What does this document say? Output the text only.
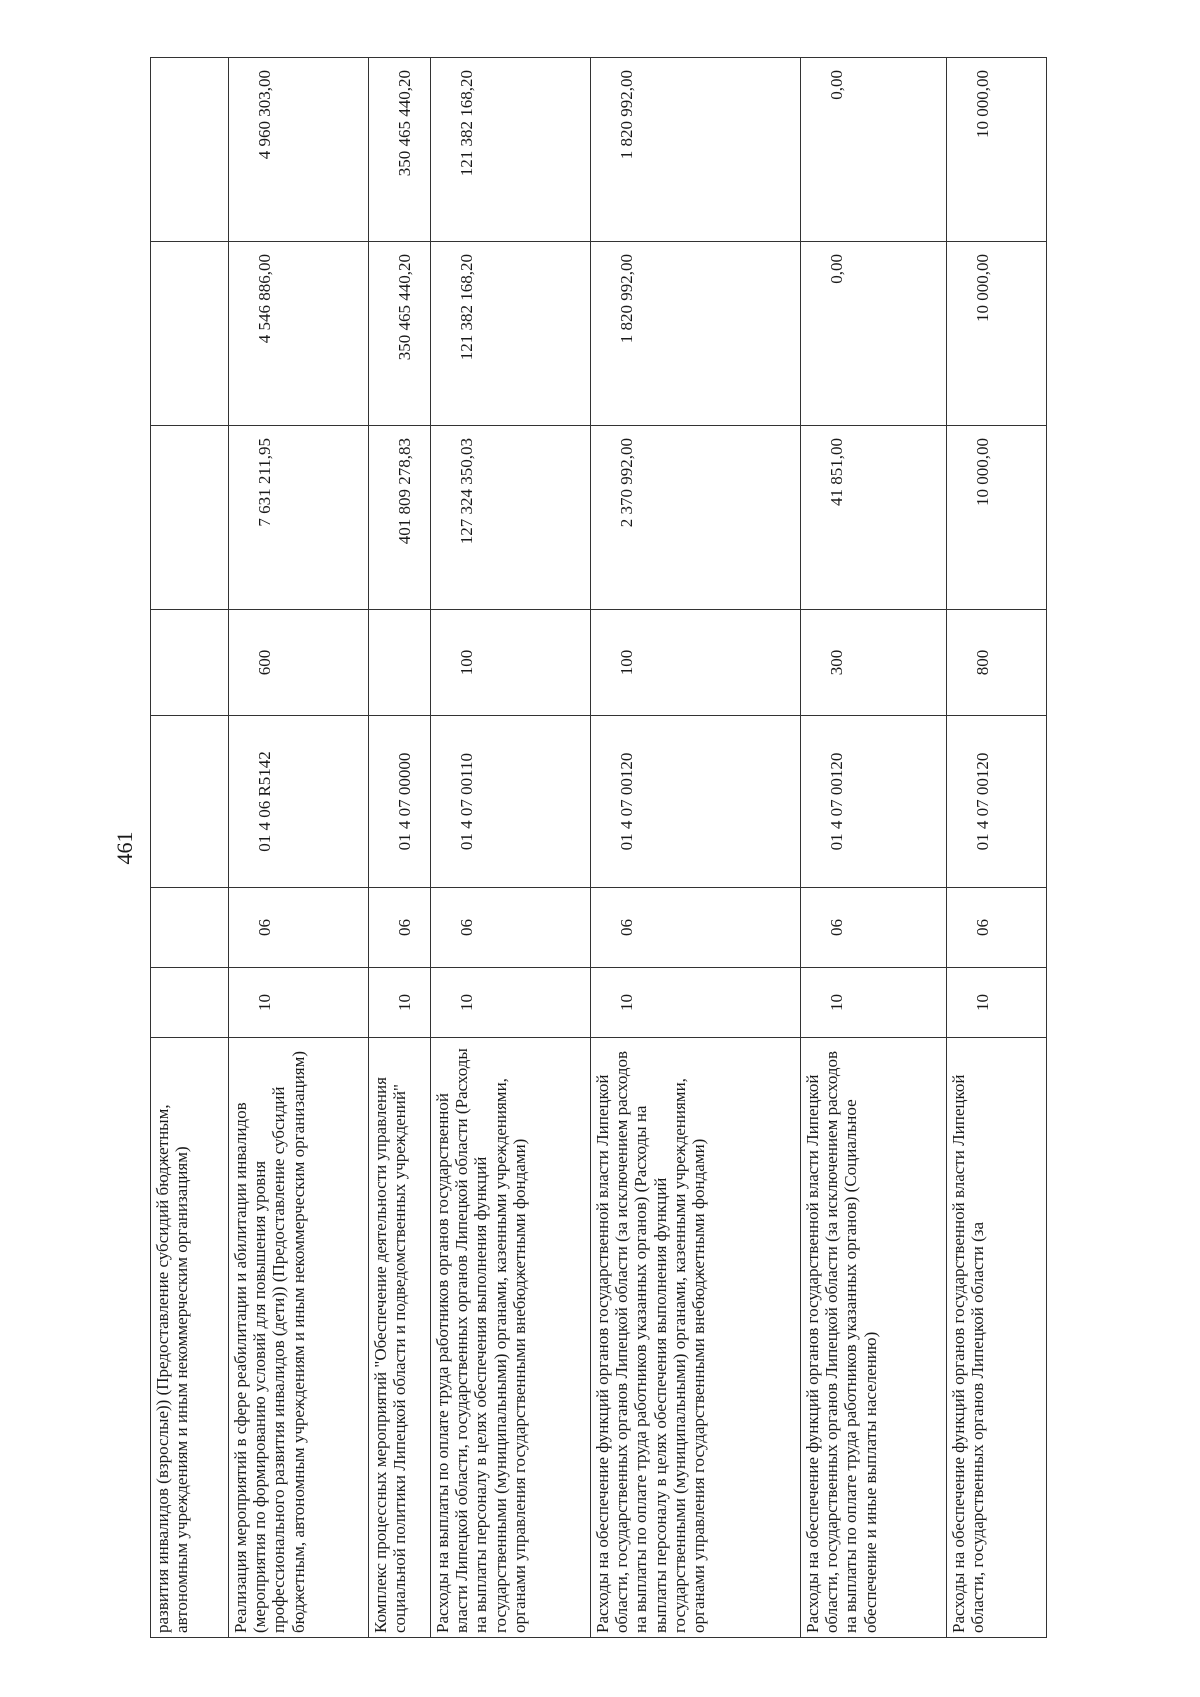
461
развития инвалидов (взрослые)) (Предоставление субсидий бюджетным, автономным учреждениям и иным некоммерческим организациям)							
Реализация мероприятий в сфере реабилитации и абилитации инвалидов (мероприятия по формированию условий для повышения уровня профессионального развития инвалидов (дети)) (Предоставление субсидий бюджетным, автономным учреждениям и иным некоммерческим организациям)	10	06	01 4 06 R5142	600	7 631 211,95	4 546 886,00	4 960 303,00
Комплекс процессных мероприятий "Обеспечение деятельности управления социальной политики Липецкой области и подведомственных учреждений"	10	06	01 4 07 00000		401 809 278,83	350 465 440,20	350 465 440,20
Расходы на выплаты по оплате труда работников органов государственной власти Липецкой области, государственных органов Липецкой области (Расходы на выплаты персоналу в целях обеспечения выполнения функций государственными (муниципальными) органами, казенными учреждениями, органами управления государственными внебюджетными фондами)	10	06	01 4 07 00110	100	127 324 350,03	121 382 168,20	121 382 168,20
Расходы на обеспечение функций органов государственной власти Липецкой области, государственных органов Липецкой области (за исключением расходов на выплаты по оплате труда работников указанных органов) (Расходы на выплаты персоналу в целях обеспечения выполнения функций государственными (муниципальными) органами, казенными учреждениями, органами управления государственными внебюджетными фондами)	10	06	01 4 07 00120	100	2 370 992,00	1 820 992,00	1 820 992,00
Расходы на обеспечение функций органов государственной власти Липецкой области, государственных органов Липецкой области (за исключением расходов на выплаты по оплате труда работников указанных органов) (Социальное обеспечение и иные выплаты населению)	10	06	01 4 07 00120	300	41 851,00	0,00	0,00
Расходы на обеспечение функций органов государственной власти Липецкой области, государственных органов Липецкой области (за	10	06	01 4 07 00120	800	10 000,00	10 000,00	10 000,00
